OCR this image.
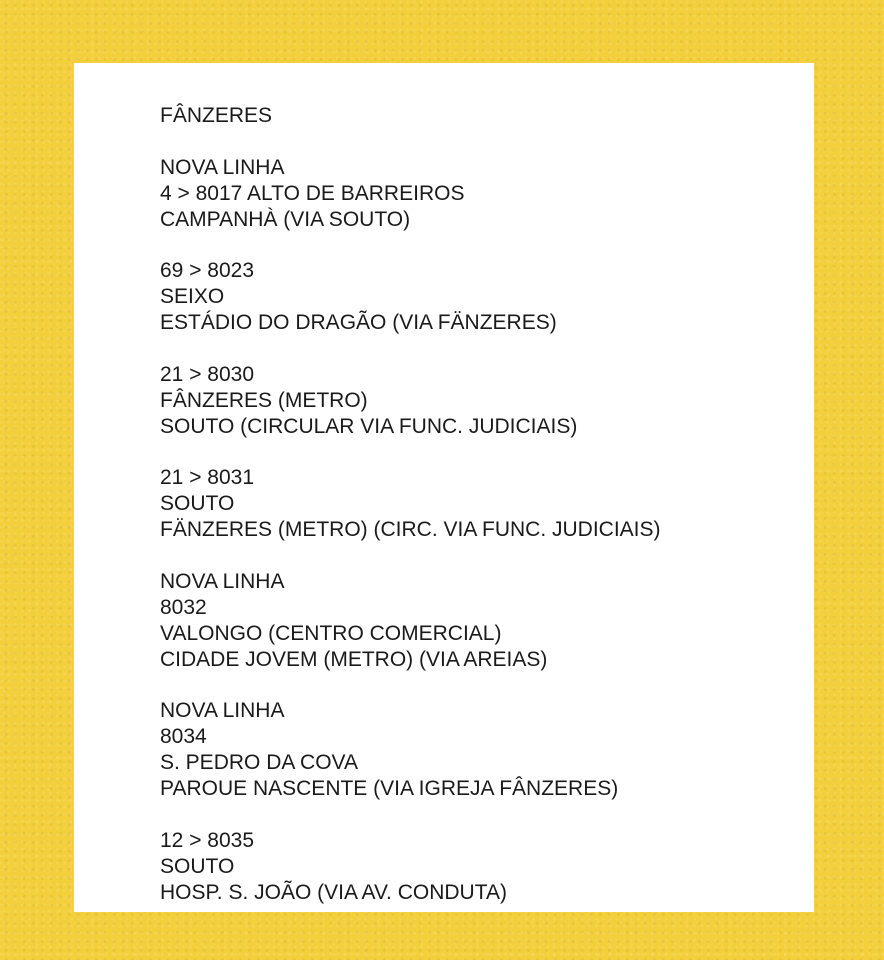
FÂNZERES
NOVA LINHA
4 > 8017 ALTO DE BARREIROS
CAMPANHÀ (VIA SOUTO)
69 > 8023
SEIXO
ESTÁDIO DO DRAGÃO (VIA FÄNZERES)
21 > 8030
FÂNZERES (METRO)
SOUTO (CIRCULAR VIA FUNC. JUDICIAIS)
21 > 8031
SOUTO
FÄNZERES (METRO) (CIRC. VIA FUNC. JUDICIAIS)
NOVA LINHA
8032
VALONGO (CENTRO COMERCIAL)
CIDADE JOVEM (METRO) (VIA AREIAS)
NOVA LINHA
8034
S. PEDRO DA COVA
PAROUE NASCENTE (VIA IGREJA FÂNZERES)
12 > 8035
SOUTO
HOSP. S. JOÃO (VIA AV. CONDUTA)
